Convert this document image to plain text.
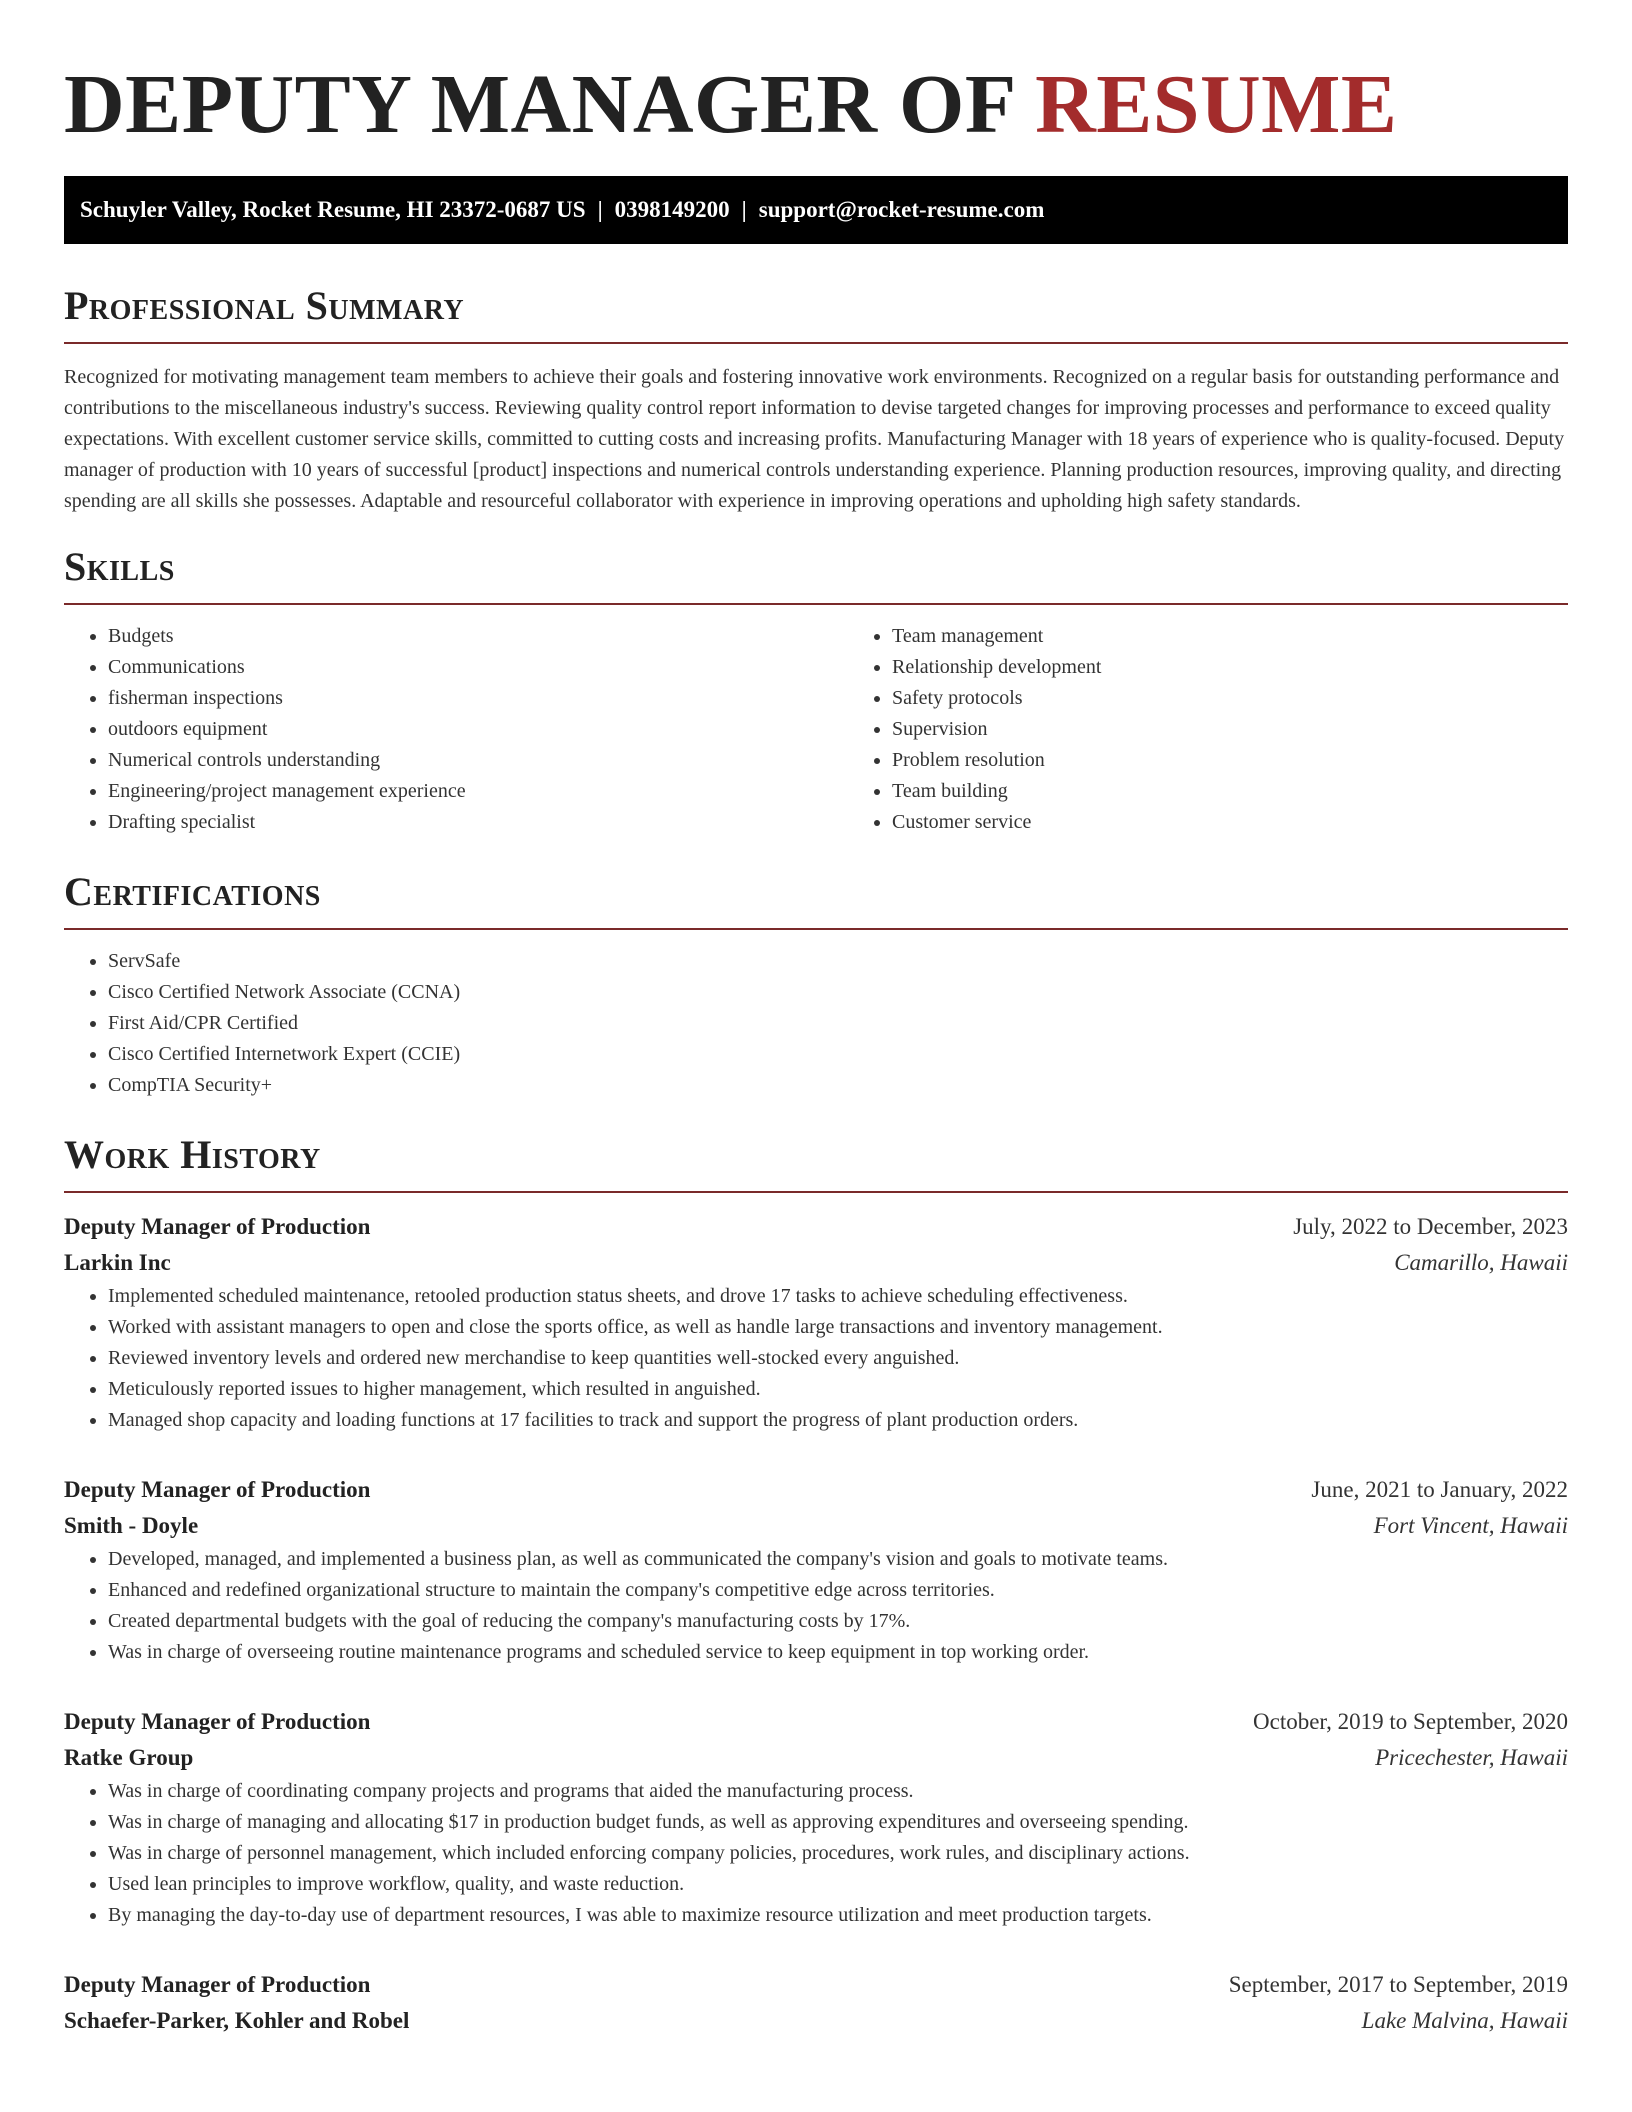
DEPUTY MANAGER OF RESUME
Schuyler Valley, Rocket Resume, HI 23372-0687 US | 0398149200 | support@rocket-resume.com
Professional Summary

Recognized for motivating management team members to achieve their goals and fostering innovative work environments. Recognized on a regular basis for outstanding performance and contributions to the miscellaneous industry's success. Reviewing quality control report information to devise targeted changes for improving processes and performance to exceed quality expectations. With excellent customer service skills, committed to cutting costs and increasing profits. Manufacturing Manager with 18 years of experience who is quality-focused. Deputy manager of production with 10 years of successful [product] inspections and numerical controls understanding experience. Planning production resources, improving quality, and directing spending are all skills she possesses. Adaptable and resourceful collaborator with experience in improving operations and upholding high safety standards.

Skills
• Budgets
• Communications
• fisherman inspections
• outdoors equipment
• Numerical controls understanding
• Engineering/project management experience
• Drafting specialist
• Team management
• Relationship development
• Safety protocols
• Supervision
• Problem resolution
• Team building
• Customer service
Certifications
• ServSafe
• Cisco Certified Network Associate (CCNA)
• First Aid/CPR Certified
• Cisco Certified Internetwork Expert (CCIE)
• CompTIA Security+
Work History
Deputy Manager of Production	July, 2022 to December, 2023
Larkin Inc	Camarillo, Hawaii
• Implemented scheduled maintenance, retooled production status sheets, and drove 17 tasks to achieve scheduling effectiveness.
• Worked with assistant managers to open and close the sports office, as well as handle large transactions and inventory management.
• Reviewed inventory levels and ordered new merchandise to keep quantities well-stocked every anguished.
• Meticulously reported issues to higher management, which resulted in anguished.
• Managed shop capacity and loading functions at 17 facilities to track and support the progress of plant production orders.
Deputy Manager of Production	June, 2021 to January, 2022
Smith - Doyle	Fort Vincent, Hawaii
• Developed, managed, and implemented a business plan, as well as communicated the company's vision and goals to motivate teams.
• Enhanced and redefined organizational structure to maintain the company's competitive edge across territories.
• Created departmental budgets with the goal of reducing the company's manufacturing costs by 17%.
• Was in charge of overseeing routine maintenance programs and scheduled service to keep equipment in top working order.
Deputy Manager of Production	October, 2019 to September, 2020
Ratke Group	Pricechester, Hawaii
• Was in charge of coordinating company projects and programs that aided the manufacturing process.
• Was in charge of managing and allocating $17 in production budget funds, as well as approving expenditures and overseeing spending.
• Was in charge of personnel management, which included enforcing company policies, procedures, work rules, and disciplinary actions.
• Used lean principles to improve workflow, quality, and waste reduction.
• By managing the day-to-day use of department resources, I was able to maximize resource utilization and meet production targets.
Deputy Manager of Production	September, 2017 to September, 2019
Schaefer-Parker, Kohler and Robel	Lake Malvina, Hawaii
